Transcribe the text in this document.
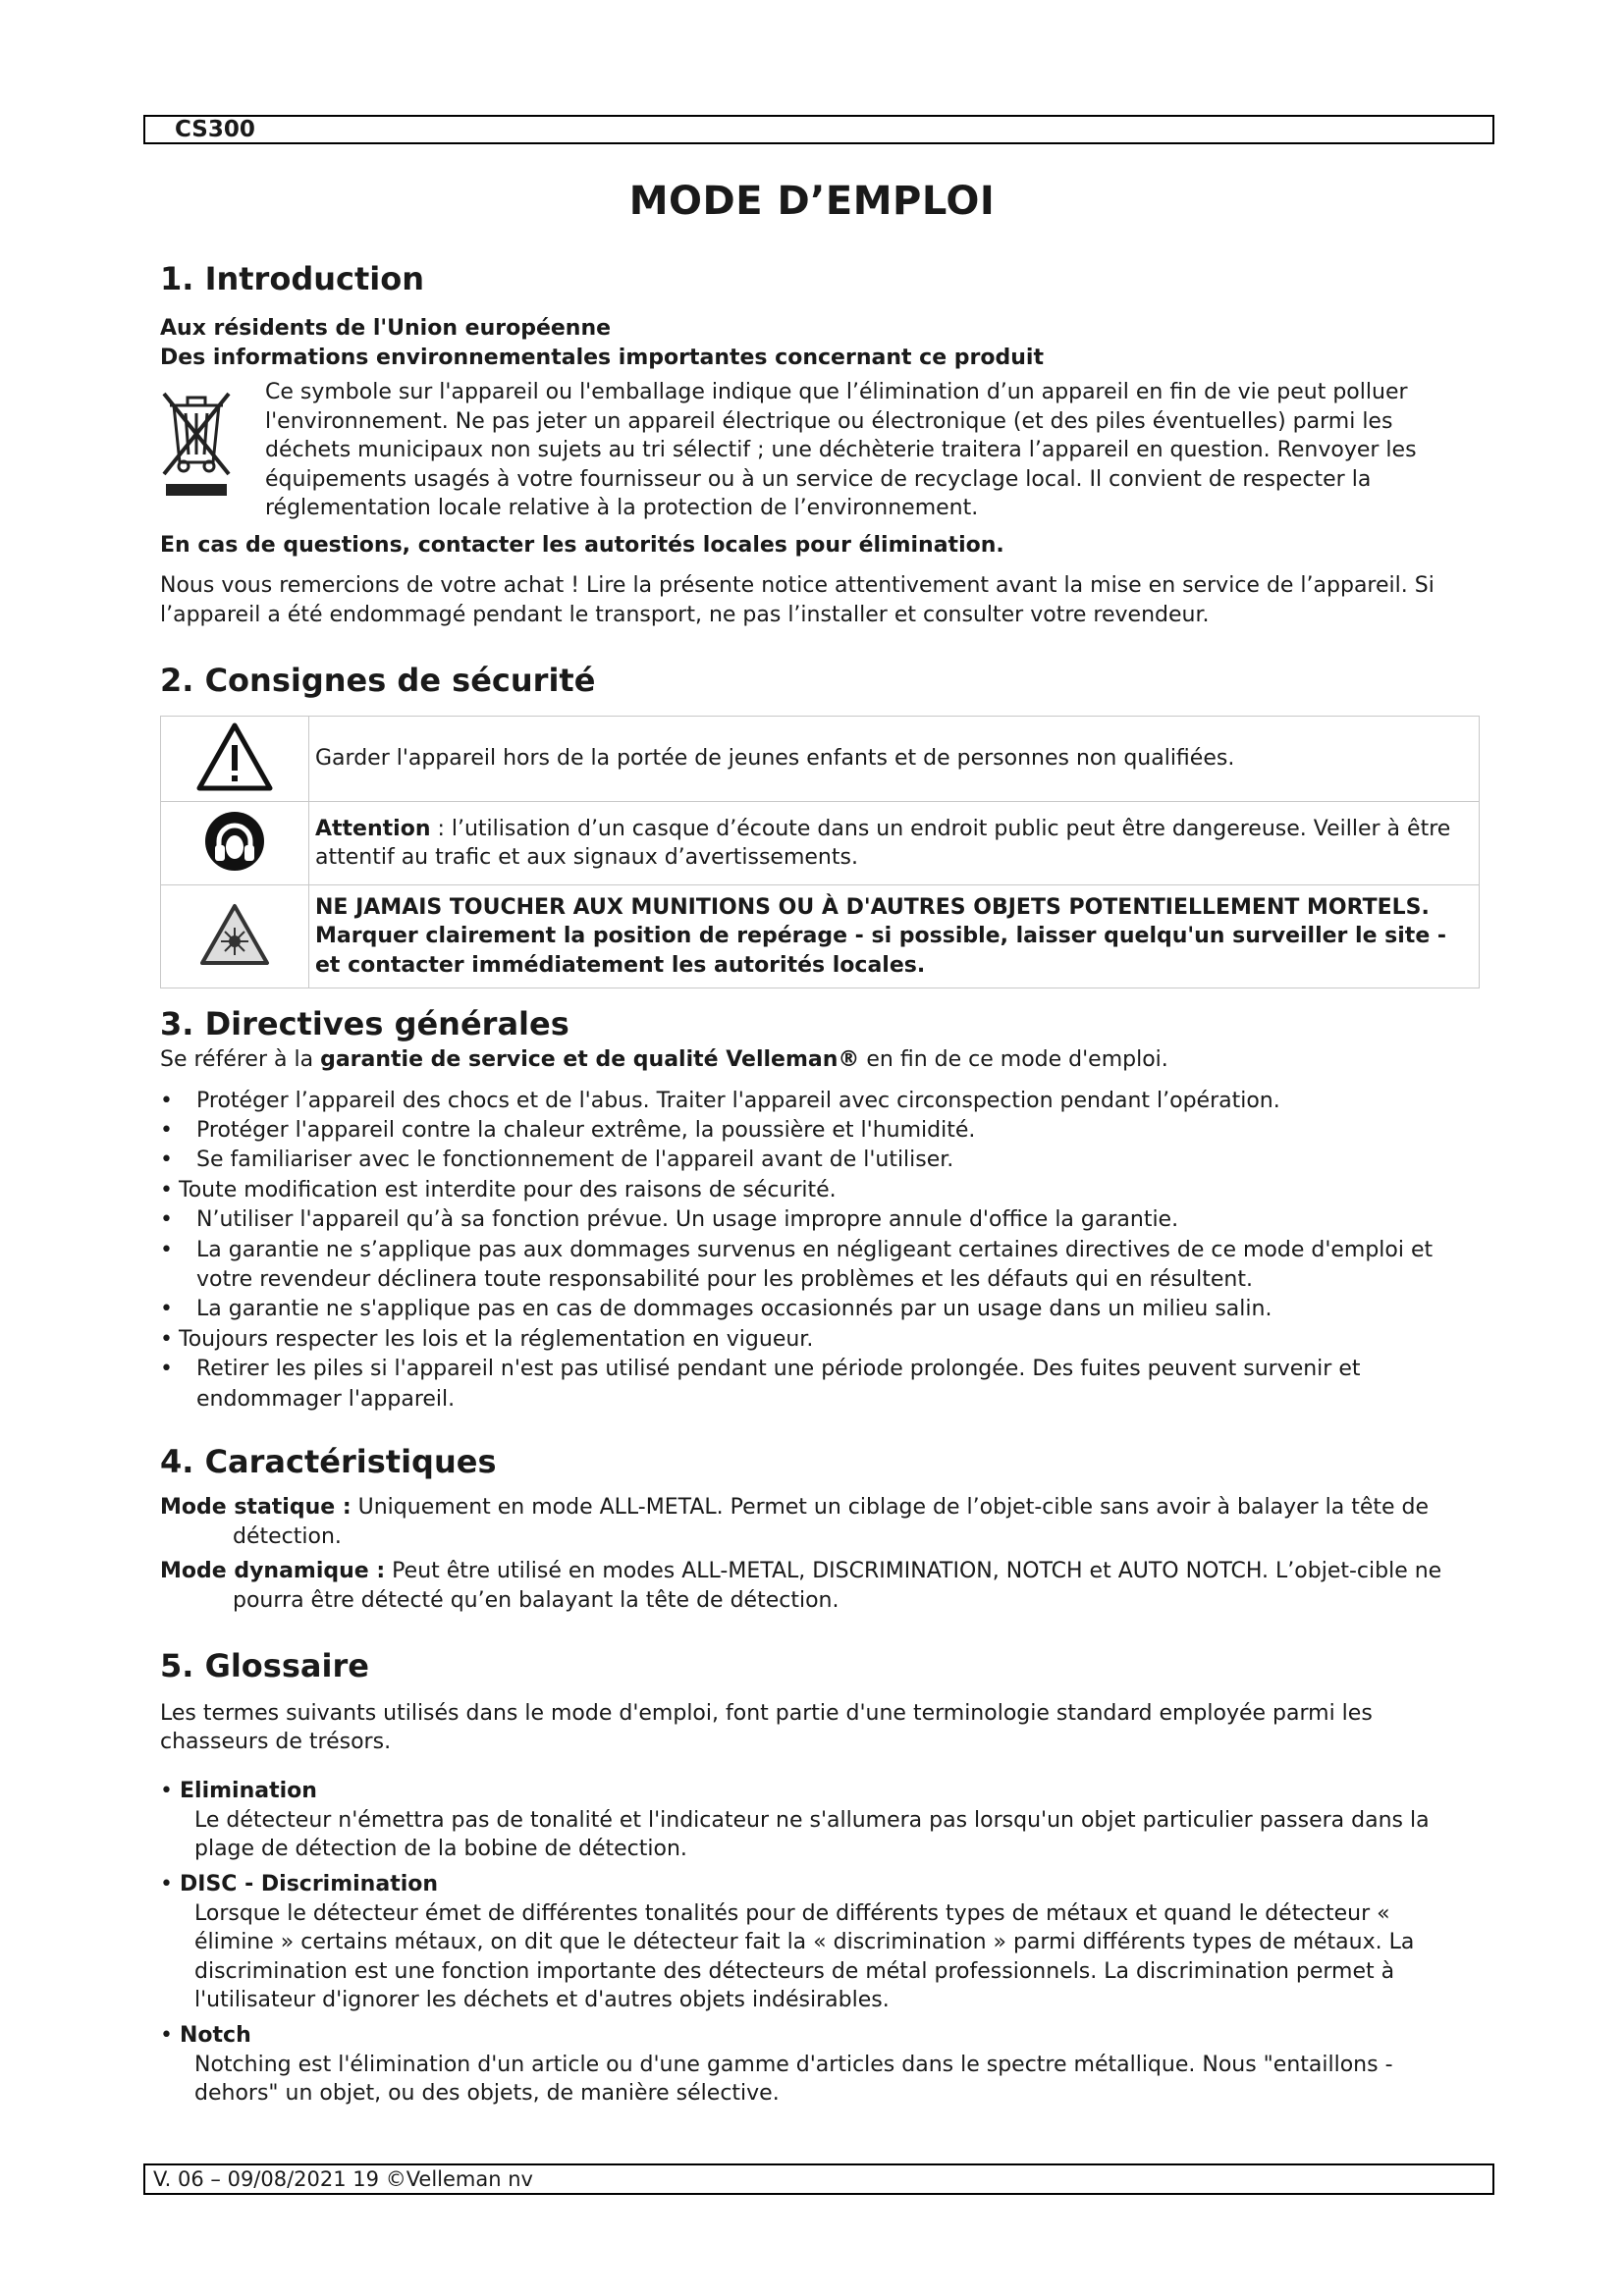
CS300
MODE D’EMPLOI
1. Introduction

Aux résidents de l'Union européenne

Des informations environnementales importantes concernant ce produit

Ce symbole sur l'appareil ou l'emballage indique que l’élimination d’un appareil en fin de vie peut polluer l'environnement. Ne pas jeter un appareil électrique ou électronique (et des piles éventuelles) parmi les déchets municipaux non sujets au tri sélectif ; une déchèterie traitera l’appareil en question. Renvoyer les équipements usagés à votre fournisseur ou à un service de recyclage local. Il convient de respecter la réglementation locale relative à la protection de l’environnement.

En cas de questions, contacter les autorités locales pour élimination.

Nous vous remercions de votre achat ! Lire la présente notice attentivement avant la mise en service de l’appareil. Si l’appareil a été endommagé pendant le transport, ne pas l’installer et consulter votre revendeur.

2. Consignes de sécurité
	Garder l'appareil hors de la portée de jeunes enfants et de personnes non qualifiées.
	Attention : l’utilisation d’un casque d’écoute dans un endroit public peut être dangereuse. Veiller à être attentif au trafic et aux signaux d’avertissements.
	NE JAMAIS TOUCHER AUX MUNITIONS OU À D'AUTRES OBJETS POTENTIELLEMENT MORTELS. Marquer clairement la position de repérage - si possible, laisser quelqu'un surveiller le site - et contacter immédiatement les autorités locales.
3. Directives générales

Se référer à la garantie de service et de qualité Velleman® en fin de ce mode d'emploi.

• Protéger l’appareil des chocs et de l'abus. Traiter l'appareil avec circonspection pendant l’opération.
• Protéger l'appareil contre la chaleur extrême, la poussière et l'humidité.
• Se familiariser avec le fonctionnement de l'appareil avant de l'utiliser.
• Toute modification est interdite pour des raisons de sécurité.
• N’utiliser l'appareil qu’à sa fonction prévue. Un usage impropre annule d'office la garantie.
• La garantie ne s’applique pas aux dommages survenus en négligeant certaines directives de ce mode d'emploi et votre revendeur déclinera toute responsabilité pour les problèmes et les défauts qui en résultent.
• La garantie ne s'applique pas en cas de dommages occasionnés par un usage dans un milieu salin.
• Toujours respecter les lois et la réglementation en vigueur.
• Retirer les piles si l'appareil n'est pas utilisé pendant une période prolongée. Des fuites peuvent survenir et endommager l'appareil.
4. Caractéristiques

Mode statique : Uniquement en mode ALL-METAL. Permet un ciblage de l’objet-cible sans avoir à balayer la tête de détection.

Mode dynamique : Peut être utilisé en modes ALL-METAL, DISCRIMINATION, NOTCH et AUTO NOTCH. L’objet-cible ne pourra être détecté qu’en balayant la tête de détection.

5. Glossaire

Les termes suivants utilisés dans le mode d'emploi, font partie d'une terminologie standard employée parmi les chasseurs de trésors.

• Elimination
Le détecteur n'émettra pas de tonalité et l'indicateur ne s'allumera pas lorsqu'un objet particulier passera dans la plage de détection de la bobine de détection.
• DISC - Discrimination
Lorsque le détecteur émet de différentes tonalités pour de différents types de métaux et quand le détecteur « élimine » certains métaux, on dit que le détecteur fait la « discrimination » parmi différents types de métaux. La discrimination est une fonction importante des détecteurs de métal professionnels. La discrimination permet à l'utilisateur d'ignorer les déchets et d'autres objets indésirables.
• Notch
Notching est l'élimination d'un article ou d'une gamme d'articles dans le spectre métallique. Nous "entaillons - dehors" un objet, ou des objets, de manière sélective.
V. 06 – 09/08/2021 19 ©Velleman nv
